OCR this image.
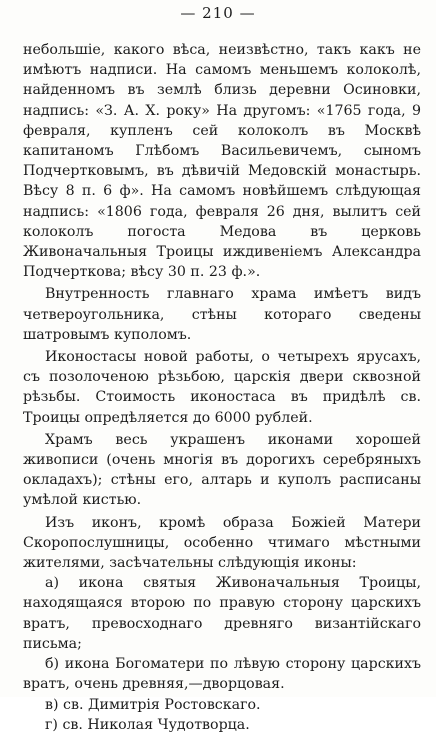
— 210 —

небольшіе, какого вѣса, неизвѣстно, такъ какъ не имѣютъ надписи. На самомъ меньшемъ колоколѣ, найденномъ въ землѣ близь деревни Осиновки, надпись: «З. А. Х. року» На другомъ: «1765 года, 9 февраля, купленъ сей колоколъ въ Москвѣ капитаномъ Глѣбомъ Васильевичемъ, сыномъ Подчертковымъ, въ дѣвичій Медовскій монастырь. Вѣсу 8 п. 6 ф». На самомъ новѣйшемъ слѣдующая надпись: «1806 года, февраля 26 дня, вылитъ сей колоколъ погоста Медова въ церковь Живоначальныя Троицы иждивеніемъ Александра Подчерткова; вѣсу 30 п. 23 ф.».

Внутренность главнаго храма имѣетъ видъ четвероугольника, стѣны котораго сведены шатровымъ куполомъ.

Иконостасы новой работы, о четырехъ ярусахъ, съ позолоченою рѣзьбою, царскія двери сквозной рѣзьбы. Стоимость иконостаса въ придѣлѣ св. Троицы опредѣляется до 6000 рублей.

Храмъ весь украшенъ иконами хорошей живописи (очень многія въ дорогихъ серебряныхъ окладахъ); стѣны его, алтарь и куполъ расписаны умѣлой кистью.

Изъ иконъ, кромѣ образа Божіей Матери Скоропослушницы, особенно чтимаго мѣстными жителями, засѣчательны слѣдующія иконы:

а) икона святыя Живоначальныя Троицы, находящаяся второю по правую сторону царскихъ вратъ, превосходнаго древняго византійскаго письма;

б) икона Богоматери по лѣвую сторону царскихъ вратъ, очень древняя,—дворцовая.

в) св. Димитрія Ростовскаго.

г) св. Николая Чудотворца.
